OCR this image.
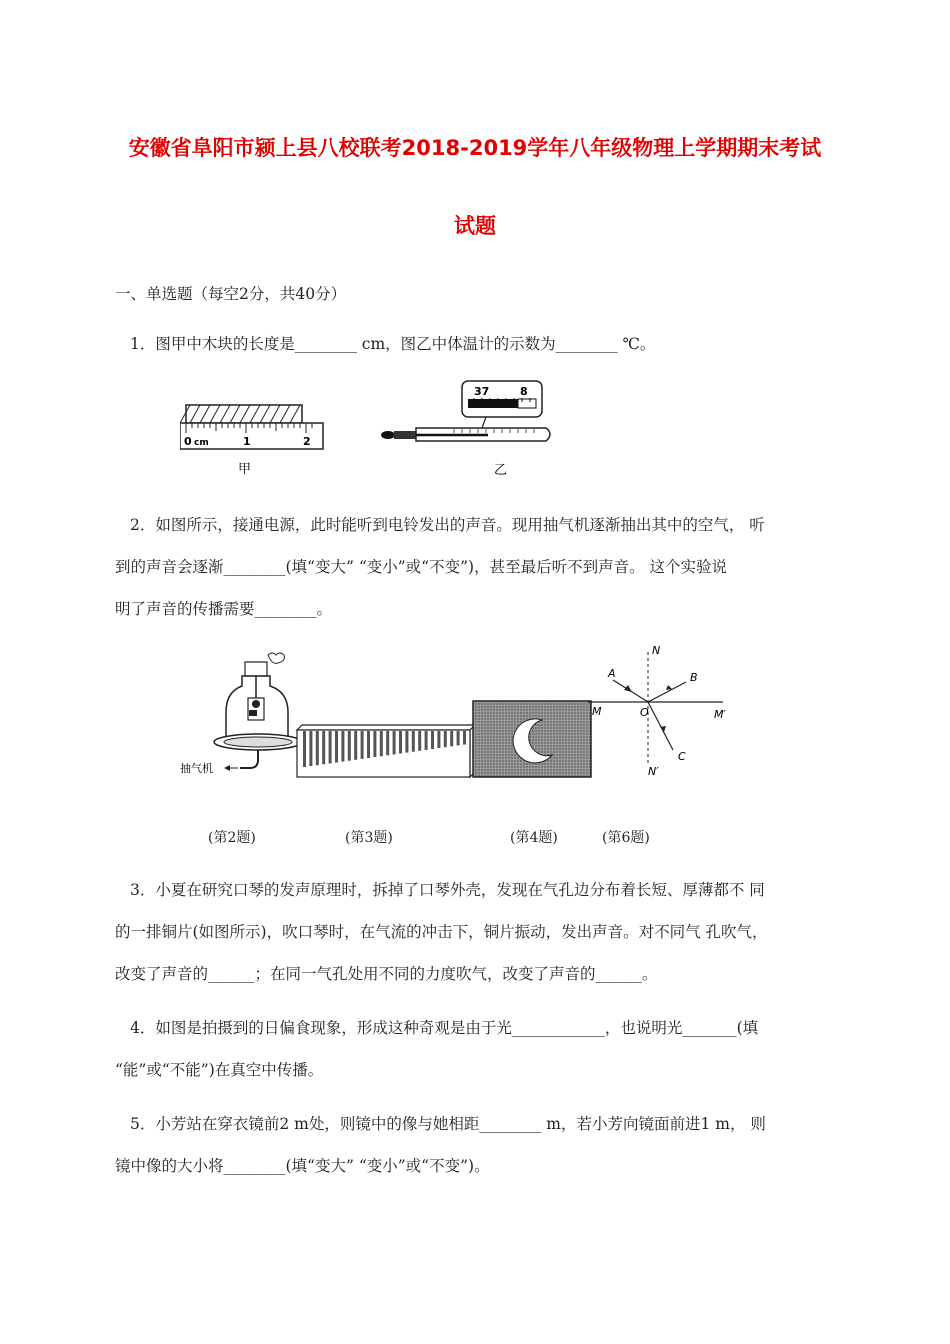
安徽省阜阳市颍上县八校联考2018-2019学年八年级物理上学期期末考试
试题
一、单选题（每空2分，共40分）
1．图甲中木块的长度是________ cm，图乙中体温计的示数为________ ℃。
0 cm	1	2
甲
37	8
乙
2．如图所示，接通电源，此时能听到电铃发出的声音。现用抽气机逐渐抽出其中的空气， 听
到的声音会逐渐________(填“变大” “变小”或“不变”)，甚至最后听不到声音。 这个实验说
明了声音的传播需要________。
抽气机
N
A	B
M	O	M′
C
N′
(第2题)	(第3题)	(第4题)	(第6题)
3．小夏在研究口琴的发声原理时，拆掉了口琴外壳，发现在气孔边分布着长短、厚薄都不 同
的一排铜片(如图所示)，吹口琴时，在气流的冲击下，铜片振动，发出声音。对不同气 孔吹气，
改变了声音的______；在同一气孔处用不同的力度吹气，改变了声音的______。
4．如图是拍摄到的日偏食现象，形成这种奇观是由于光____________，也说明光_______(填
“能”或“不能”)在真空中传播。
5．小芳站在穿衣镜前2 m处，则镜中的像与她相距________ m，若小芳向镜面前进1 m， 则
镜中像的大小将________(填“变大” “变小”或“不变”)。
